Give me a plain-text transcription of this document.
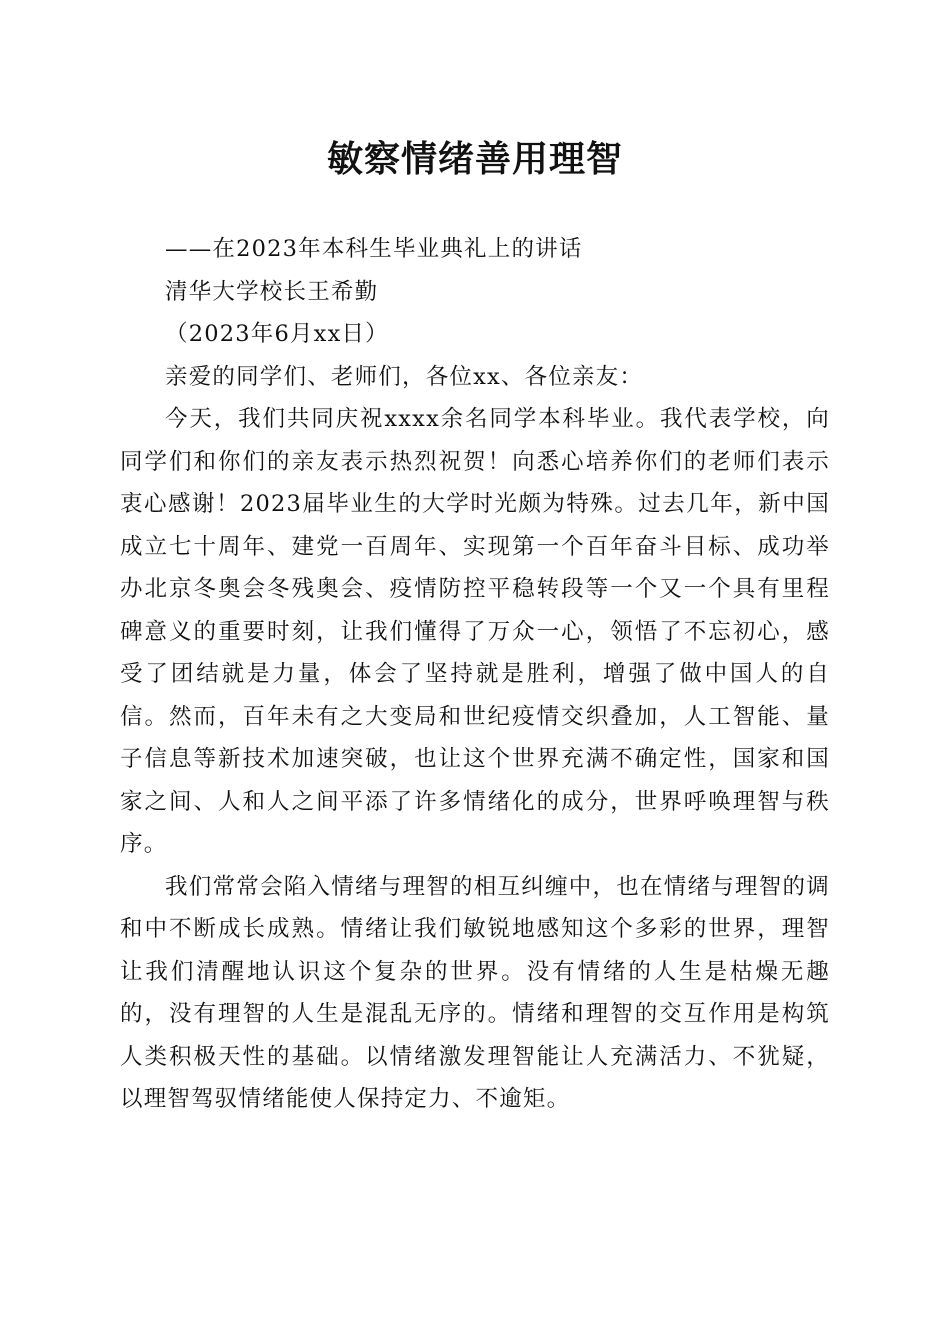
敏察情绪善用理智

——在2023年本科生毕业典礼上的讲话

清华大学校长王希勤

（2023年6月xx日）

亲爱的同学们、老师们，各位xx、各位亲友：

今天，我们共同庆祝xxxx余名同学本科毕业。我代表学校，向同学们和你们的亲友表示热烈祝贺！向悉心培养你们的老师们表示衷心感谢！2023届毕业生的大学时光颇为特殊。过去几年，新中国成立七十周年、建党一百周年、实现第一个百年奋斗目标、成功举办北京冬奥会冬残奥会、疫情防控平稳转段等一个又一个具有里程碑意义的重要时刻，让我们懂得了万众一心，领悟了不忘初心，感受了团结就是力量，体会了坚持就是胜利，增强了做中国人的自信。然而，百年未有之大变局和世纪疫情交织叠加，人工智能、量子信息等新技术加速突破，也让这个世界充满不确定性，国家和国家之间、人和人之间平添了许多情绪化的成分，世界呼唤理智与秩序。

我们常常会陷入情绪与理智的相互纠缠中，也在情绪与理智的调和中不断成长成熟。情绪让我们敏锐地感知这个多彩的世界，理智让我们清醒地认识这个复杂的世界。没有情绪的人生是枯燥无趣的，没有理智的人生是混乱无序的。情绪和理智的交互作用是构筑人类积极天性的基础。以情绪激发理智能让人充满活力、不犹疑，以理智驾驭情绪能使人保持定力、不逾矩。
